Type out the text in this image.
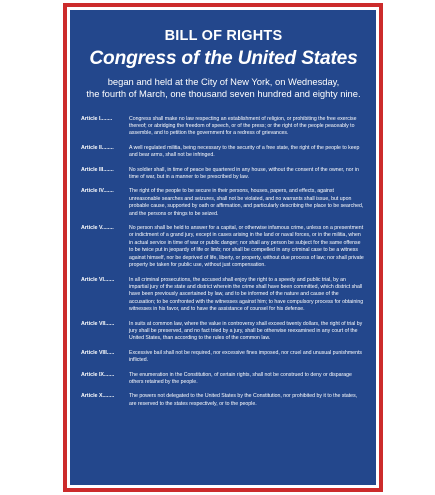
BILL OF RIGHTS
Congress of the United States

began and held at the City of New York, on Wednesday,
the fourth of March, one thousand seven hundred and eighty nine.

Article I........	Congress shall make no law respecting an establishment of religion, or prohibiting the free exercise thereof; or abridging the freedom of speech, or of the press; or the right of the people peaceably to assemble, and to petition the government for a redress of grievances.
Article II........	A well regulated militia, being necessary to the security of a free state, the right of the people to keep and bear arms, shall not be infringed.
Article III.......	No soldier shall, in time of peace be quartered in any house, without the consent of the owner, nor in time of war, but in a manner to be prescribed by law.
Article IV.......	The right of the people to be secure in their persons, houses, papers, and effects, against unreasonable searches and seizures, shall not be violated, and no warrants shall issue, but upon probable cause, supported by oath or affirmation, and particularly describing the place to be searched, and the persons or things to be seized.
Article V........	No person shall be held to answer for a capital, or otherwise infamous crime, unless on a presentment or indictment of a grand jury, except in cases arising in the land or naval forces, or in the militia, when in actual service in time of war or public danger; nor shall any person be subject for the same offense to be twice put in jeopardy of life or limb; nor shall be compelled in any criminal case to be a witness against himself, nor be deprived of life, liberty, or property, without due process of law; nor shall private property be taken for public use, without just compensation.
Article VI.......	In all criminal prosecutions, the accused shall enjoy the right to a speedy and public trial, by an impartial jury of the state and district wherein the crime shall have been committed, which district shall have been previously ascertained by law, and to be informed of the nature and cause of the accusation; to be confronted with the witnesses against him; to have compulsory process for obtaining witnesses in his favor, and to have the assistance of counsel for his defense.
Article VII......	In suits at common law, where the value in controversy shall exceed twenty dollars, the right of trial by jury shall be preserved, and no fact tried by a jury, shall be otherwise reexamined in any court of the United States, than according to the rules of the common law.
Article VIII.....	Excessive bail shall not be required, nor excessive fines imposed, nor cruel and unusual punishments inflicted.
Article IX.......	The enumeration in the Constitution, of certain rights, shall not be construed to deny or disparage others retained by the people.
Article X........	The powers not delegated to the United States by the Constitution, nor prohibited by it to the states, are reserved to the states respectively, or to the people.
